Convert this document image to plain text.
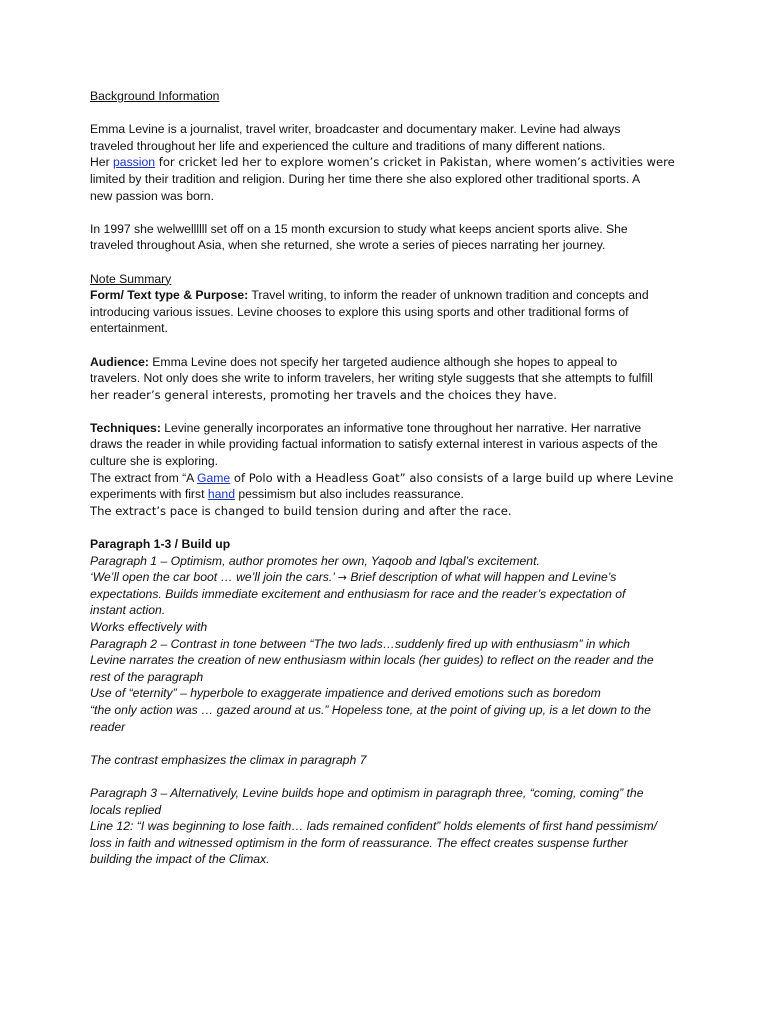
Background Information
Emma Levine is a journalist, travel writer, broadcaster and documentary maker. Levine had always
traveled throughout her life and experienced the culture and traditions of many different nations.
Her passion for cricket led her to explore women’s cricket in Pakistan, where women’s activities were
limited by their tradition and religion. During her time there she also explored other traditional sports. A
new passion was born.
In 1997 she welwellllll set off on a 15 month excursion to study what keeps ancient sports alive. She
traveled throughout Asia, when she returned, she wrote a series of pieces narrating her journey.
Note Summary
Form/ Text type & Purpose: Travel writing, to inform the reader of unknown tradition and concepts and
introducing various issues. Levine chooses to explore this using sports and other traditional forms of
entertainment.
Audience: Emma Levine does not specify her targeted audience although she hopes to appeal to
travelers. Not only does she write to inform travelers, her writing style suggests that she attempts to fulfill
her reader’s general interests, promoting her travels and the choices they have.
Techniques: Levine generally incorporates an informative tone throughout her narrative. Her narrative
draws the reader in while providing factual information to satisfy external interest in various aspects of the
culture she is exploring.
The extract from “A Game of Polo with a Headless Goat” also consists of a large build up where Levine
experiments with first hand pessimism but also includes reassurance.
The extract’s pace is changed to build tension during and after the race.
Paragraph 1-3 / Build up
Paragraph 1 – Optimism, author promotes her own, Yaqoob and Iqbal’s excitement.
‘We’ll open the car boot … we’ll join the cars.’ → Brief description of what will happen and Levine’s
expectations. Builds immediate excitement and enthusiasm for race and the reader’s expectation of
instant action.
Works effectively with
Paragraph 2 – Contrast in tone between “The two lads…suddenly fired up with enthusiasm” in which
Levine narrates the creation of new enthusiasm within locals (her guides) to reflect on the reader and the
rest of the paragraph
Use of “eternity” – hyperbole to exaggerate impatience and derived emotions such as boredom
“the only action was … gazed around at us.” Hopeless tone, at the point of giving up, is a let down to the
reader
The contrast emphasizes the climax in paragraph 7
Paragraph 3 – Alternatively, Levine builds hope and optimism in paragraph three, “coming, coming” the
locals replied
Line 12: “I was beginning to lose faith… lads remained confident” holds elements of first hand pessimism/
loss in faith and witnessed optimism in the form of reassurance. The effect creates suspense further
building the impact of the Climax.
